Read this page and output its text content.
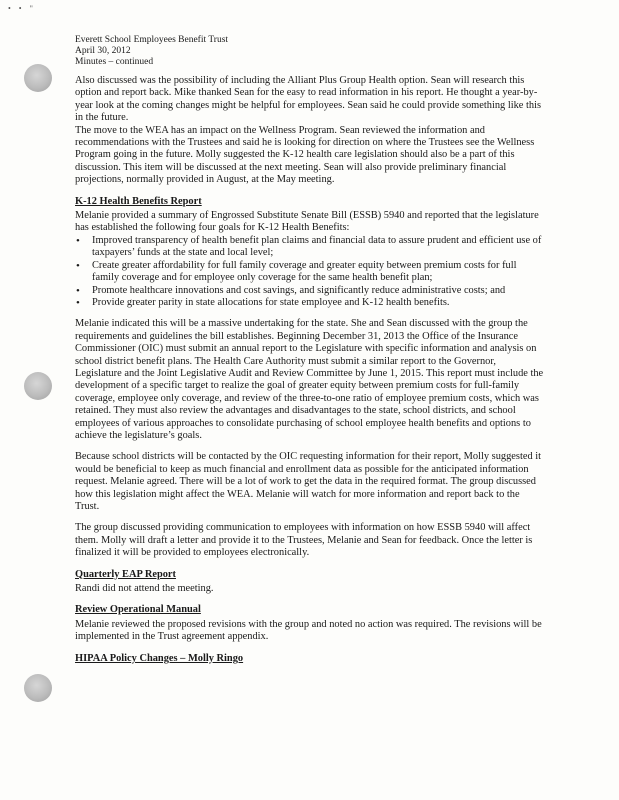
• • "
Everett School Employees Benefit Trust
April 30, 2012
Minutes – continued

Also discussed was the possibility of including the Alliant Plus Group Health option. Sean will research this option and report back. Mike thanked Sean for the easy to read information in his report. He thought a year-by-year look at the coming changes might be helpful for employees. Sean said he could provide something like this in the future.

The move to the WEA has an impact on the Wellness Program. Sean reviewed the information and recommendations with the Trustees and said he is looking for direction on where the Trustees see the Wellness Program going in the future. Molly suggested the K-12 health care legislation should also be a part of this discussion. This item will be discussed at the next meeting. Sean will also provide preliminary financial projections, normally provided in August, at the May meeting.

K-12 Health Benefits Report

Melanie provided a summary of Engrossed Substitute Senate Bill (ESSB) 5940 and reported that the legislature has established the following four goals for K-12 Health Benefits:

• Improved transparency of health benefit plan claims and financial data to assure prudent and efficient use of taxpayers’ funds at the state and local level;
• Create greater affordability for full family coverage and greater equity between premium costs for full family coverage and for employee only coverage for the same health benefit plan;
• Promote healthcare innovations and cost savings, and significantly reduce administrative costs; and
• Provide greater parity in state allocations for state employee and K-12 health benefits.

Melanie indicated this will be a massive undertaking for the state. She and Sean discussed with the group the requirements and guidelines the bill establishes. Beginning December 31, 2013 the Office of the Insurance Commissioner (OIC) must submit an annual report to the Legislature with specific information and analysis on school district benefit plans. The Health Care Authority must submit a similar report to the Governor, Legislature and the Joint Legislative Audit and Review Committee by June 1, 2015. This report must include the development of a specific target to realize the goal of greater equity between premium costs for full-family coverage, employee only coverage, and review of the three-to-one ratio of employee premium costs, which was retained. They must also review the advantages and disadvantages to the state, school districts, and school employees of various approaches to consolidate purchasing of school employee health benefits and options to achieve the legislature’s goals.

Because school districts will be contacted by the OIC requesting information for their report, Molly suggested it would be beneficial to keep as much financial and enrollment data as possible for the anticipated information request. Melanie agreed. There will be a lot of work to get the data in the required format. The group discussed how this legislation might affect the WEA. Melanie will watch for more information and report back to the Trust.

The group discussed providing communication to employees with information on how ESSB 5940 will affect them. Molly will draft a letter and provide it to the Trustees, Melanie and Sean for feedback. Once the letter is finalized it will be provided to employees electronically.

Quarterly EAP Report

Randi did not attend the meeting.

Review Operational Manual

Melanie reviewed the proposed revisions with the group and noted no action was required. The revisions will be implemented in the Trust agreement appendix.

HIPAA Policy Changes – Molly Ringo
